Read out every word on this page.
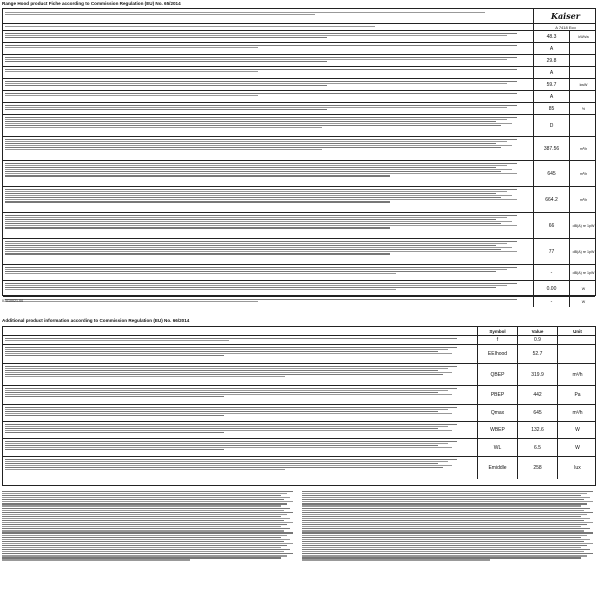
Range Hood product Fiche according to Commission Regulation (EU) No. 65/2014
Kaiser
A 7418 Eco
48.3	kWh/a
A
29.8
A
59.7	kwW
A
85	%
D
387.56	m³/h
645	m³/h
664.2	m³/h
66	dB(A) re 1pW
77	dB(A) re 1pW
-	dB(A) re 1pW
0.00	W
-	W
07010021-00
Additional product information according to Commission Regulation (EU) No. 66/2014
Symbol	Value	Unit
f	0.9
EEIhood	52.7
QBEP	319.9	m³/h
PBEP	442	Pa
Qmax	645	m³/h
WBEP	132.6	W
WL	6.5	W
Emiddle	258	lux
